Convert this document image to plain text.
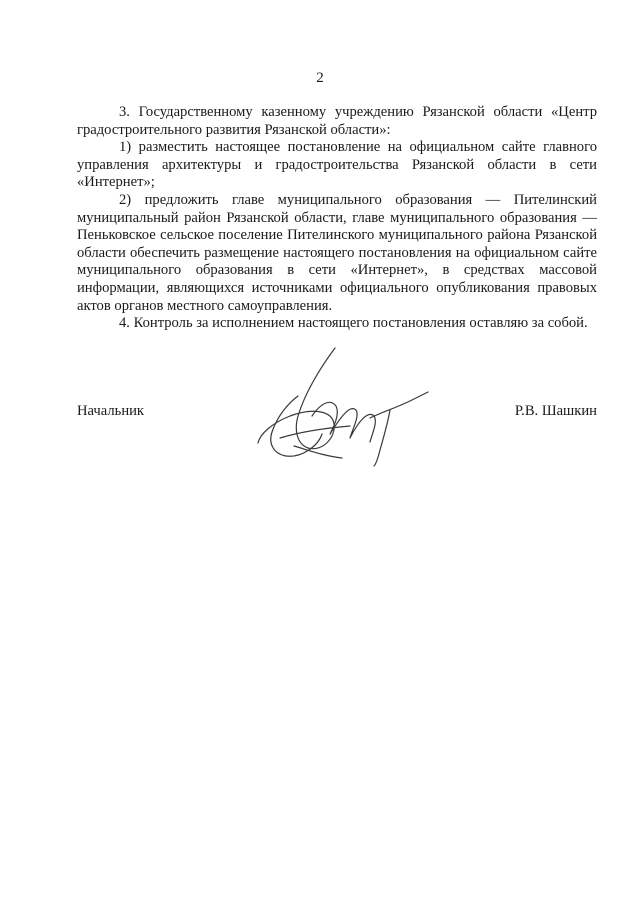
2

3. Государственному казенному учреждению Рязанской области «Центр градостроительного развития Рязанской области»:

1) разместить настоящее постановление на официальном сайте главного управления архитектуры и градостроительства Рязанской области в сети «Интернет»;

2) предложить главе муниципального образования — Пителинский муниципальный район Рязанской области, главе муниципального образования — Пеньковское сельское поселение Пителинского муниципального района Рязанской области обеспечить размещение настоящего постановления на официальном сайте муниципального образования в сети «Интернет», в средствах массовой информации, являющихся источниками официального опубликования правовых актов органов местного самоуправления.

4. Контроль за исполнением настоящего постановления оставляю за собой.

Начальник	Р.В. Шашкин
